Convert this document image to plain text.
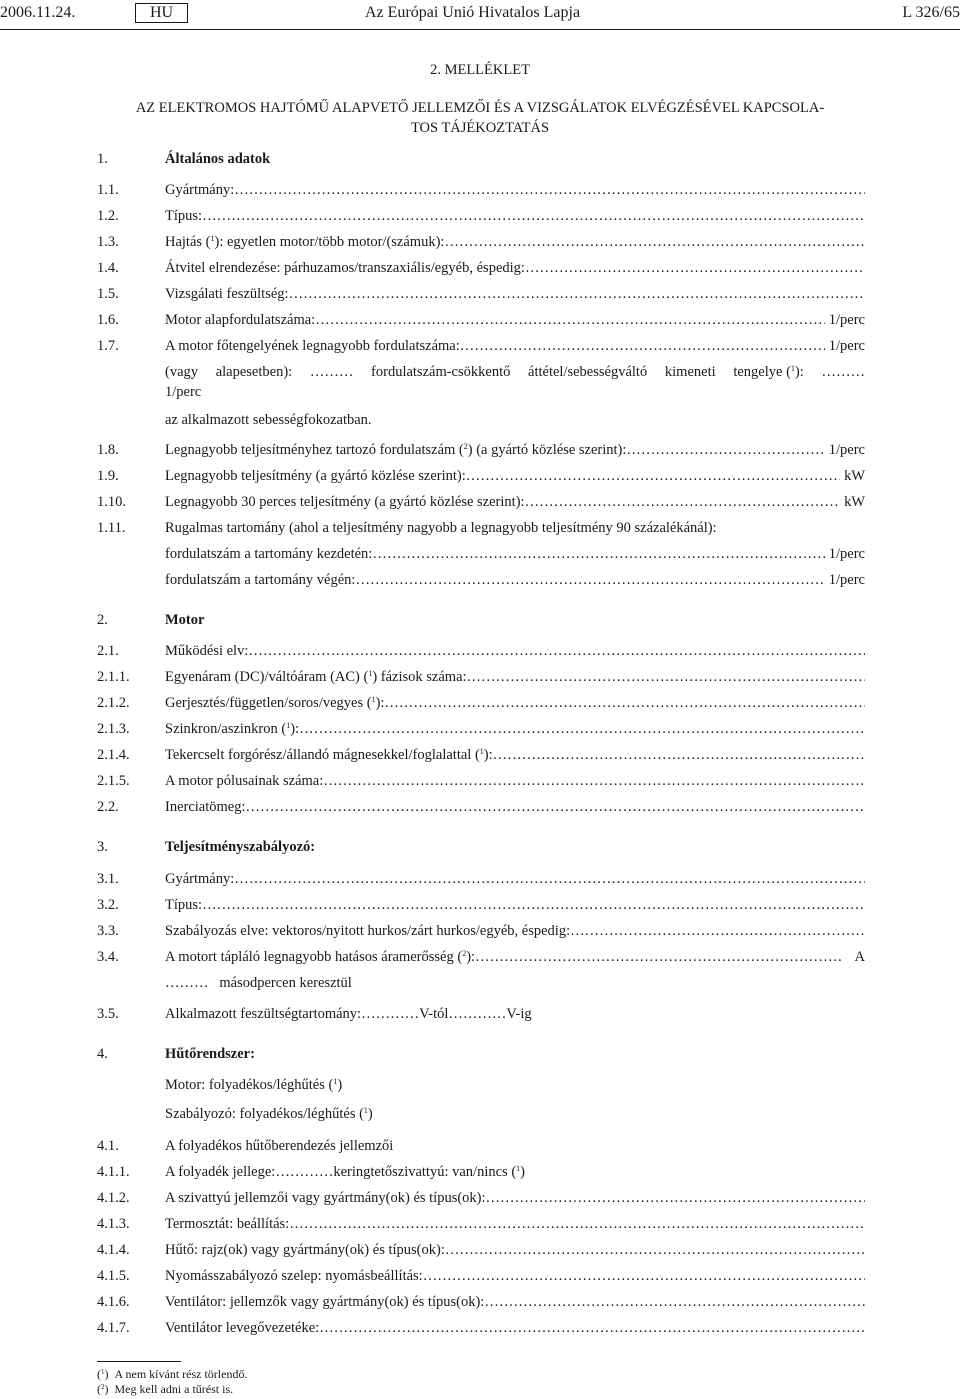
2006.11.24.	HU	Az Európai Unió Hivatalos Lapja	L 326/65
2. MELLÉKLET
AZ ELEKTROMOS HAJTÓMŰ ALAPVETŐ JELLEMZŐI ÉS A VIZSGÁLATOK ELVÉGZÉSÉVEL KAPCSOLA-
TOS TÁJÉKOZTATÁS
1.	Általános adatok
1.1.	Gyártmány:
……………………………………………………………………………………………………………………………………………………………………………………………………………………………………………………………………
1.2.	Típus:
……………………………………………………………………………………………………………………………………………………………………………………………………………………………………………………………………
1.3.	Hajtás ($^1$): egyetlen motor/több motor/(számuk):
……………………………………………………………………………………………………………………………………………………………………………………………………………………………………………………………………
1.4.	Átvitel elrendezése: párhuzamos/transzaxiális/egyéb, éspedig:
……………………………………………………………………………………………………………………………………………………………………………………………………………………………………………………………………
1.5.	Vizsgálati feszültség:
……………………………………………………………………………………………………………………………………………………………………………………………………………………………………………………………………
1.6.	Motor alapfordulatszáma: ……………………………………………………………………………………………………………………………………………………………………………………………………………………………………………………………………	1/perc
1.7.	A motor főtengelyének legnagyobb fordulatszáma: ……………………………………………………………………………………………………………………………………………………………………………………………………………………………………………………………………	1/perc
(vagy alapesetben): ……… fordulatszám-csökkentő áttétel/sebességváltó kimeneti tengelye ($^1$): ………
1/perc
az alkalmazott sebességfokozatban.
1.8.	Legnagyobb teljesítményhez tartozó fordulatszám ($^2$) (a gyártó közlése szerint): ……………………………………………………………………………………………………………………………………………………………………………………………………………………………………………………………………	1/perc
1.9.	Legnagyobb teljesítmény (a gyártó közlése szerint): ……………………………………………………………………………………………………………………………………………………………………………………………………………………………………………………………………	kW
1.10.	Legnagyobb 30 perces teljesítmény (a gyártó közlése szerint): ……………………………………………………………………………………………………………………………………………………………………………………………………………………………………………………………………	kW
1.11.	Rugalmas tartomány (ahol a teljesítmény nagyobb a legnagyobb teljesítmény 90 százalékánál):
fordulatszám a tartomány kezdetén: ……………………………………………………………………………………………………………………………………………………………………………………………………………………………………………………………………	1/perc
fordulatszám a tartomány végén: ……………………………………………………………………………………………………………………………………………………………………………………………………………………………………………………………………	1/perc
2.	Motor
2.1.	Működési elv:
……………………………………………………………………………………………………………………………………………………………………………………………………………………………………………………………………
2.1.1. Egyenáram (DC)/váltóáram (AC) ($^1$) fázisok száma:
……………………………………………………………………………………………………………………………………………………………………………………………………………………………………………………………………
2.1.2. Gerjesztés/független/soros/vegyes ($^1$):
……………………………………………………………………………………………………………………………………………………………………………………………………………………………………………………………………
2.1.3. Szinkron/aszinkron ($^1$):
……………………………………………………………………………………………………………………………………………………………………………………………………………………………………………………………………
2.1.4. Tekercselt forgórész/állandó mágnesekkel/foglalattal ($^1$):
……………………………………………………………………………………………………………………………………………………………………………………………………………………………………………………………………
2.1.5. A motor pólusainak száma:
……………………………………………………………………………………………………………………………………………………………………………………………………………………………………………………………………
2.2.	Inerciatömeg:
……………………………………………………………………………………………………………………………………………………………………………………………………………………………………………………………………
3.	Teljesítményszabályozó:
3.1.	Gyártmány:
……………………………………………………………………………………………………………………………………………………………………………………………………………………………………………………………………
3.2.	Típus:
……………………………………………………………………………………………………………………………………………………………………………………………………………………………………………………………………
3.3.	Szabályozás elve: vektoros/nyitott hurkos/zárt hurkos/egyéb, éspedig:
……………………………………………………………………………………………………………………………………………………………………………………………………………………………………………………………………
3.4.	A motort tápláló legnagyobb hatásos áramerősség ($^2$): ……………………………………………………………………………………………………………………………………………………………………………………………………………………………………………………………………	A
……… másodpercen keresztül
3.5.	Alkalmazott feszültségtartomány: ………… V-tól ………… V-ig
4.	Hűtőrendszer:
Motor: folyadékos/léghűtés ($^1$)
Szabályozó: folyadékos/léghűtés ($^1$)
4.1.	A folyadékos hűtőberendezés jellemzői
4.1.1. A folyadék jellege: ………… keringtetőszivattyú: van/nincs ($^1$)
4.1.2. A szivattyú jellemzői vagy gyártmány(ok) és típus(ok):
……………………………………………………………………………………………………………………………………………………………………………………………………………………………………………………………………
4.1.3. Termosztát: beállítás:
……………………………………………………………………………………………………………………………………………………………………………………………………………………………………………………………………
4.1.4. Hűtő: rajz(ok) vagy gyártmány(ok) és típus(ok):
……………………………………………………………………………………………………………………………………………………………………………………………………………………………………………………………………
4.1.5. Nyomásszabályozó szelep: nyomásbeállítás:
……………………………………………………………………………………………………………………………………………………………………………………………………………………………………………………………………
4.1.6. Ventilátor: jellemzők vagy gyártmány(ok) és típus(ok):
……………………………………………………………………………………………………………………………………………………………………………………………………………………………………………………………………
4.1.7. Ventilátor levegővezetéke:
……………………………………………………………………………………………………………………………………………………………………………………………………………………………………………………………………
($^1$)  A nem kívánt rész törlendő.
($^2$)  Meg kell adni a tűrést is.
